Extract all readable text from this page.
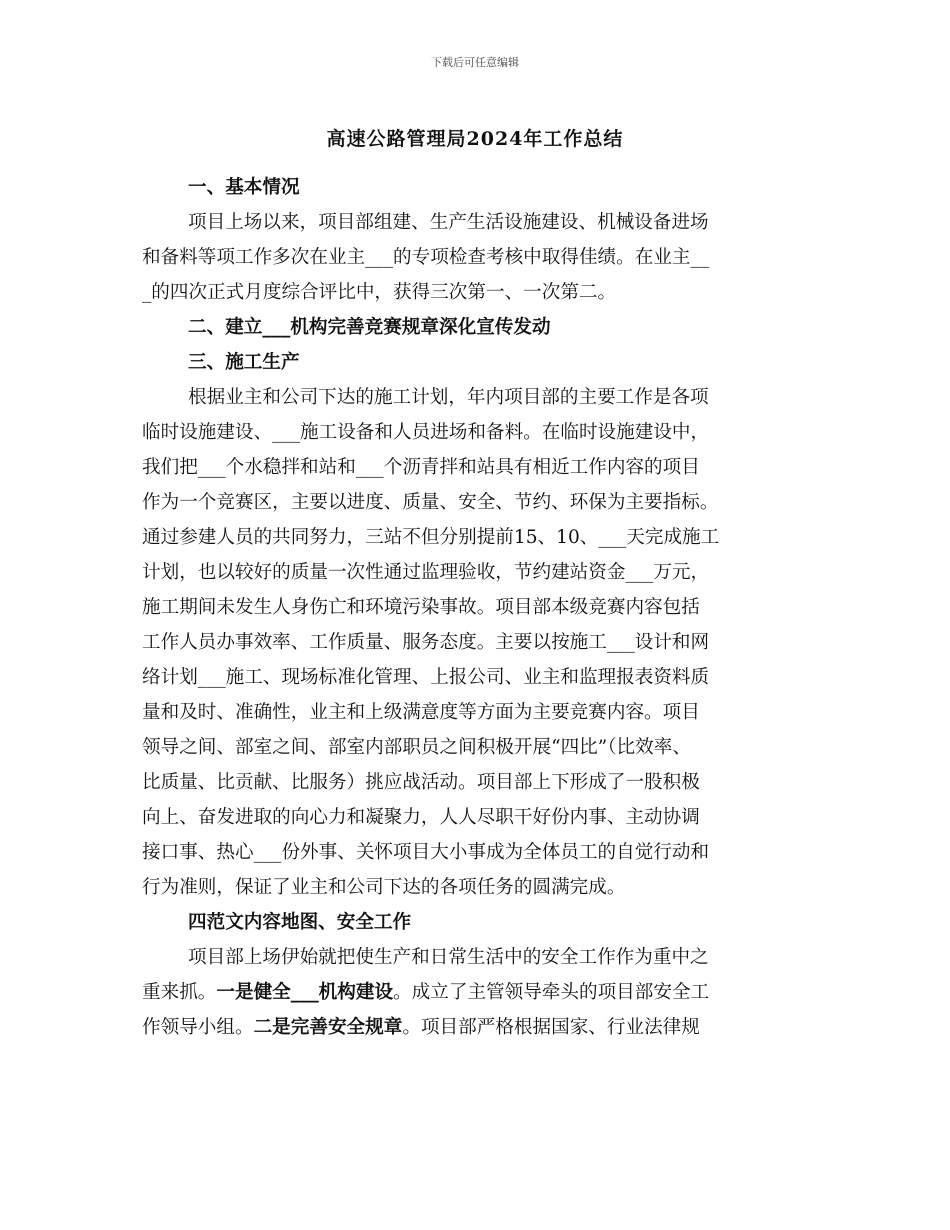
下载后可任意编辑
高速公路管理局2024年工作总结
一、基本情况
项目上场以来，项目部组建、生产生活设施建设、机械设备进场
和备料等项工作多次在业主___的专项检查考核中取得佳绩。在业主__
_的四次正式月度综合评比中，获得三次第一、一次第二。
二、建立___机构完善竞赛规章深化宣传发动
三、施工生产
根据业主和公司下达的施工计划，年内项目部的主要工作是各项
临时设施建设、___施工设备和人员进场和备料。在临时设施建设中，
我们把___个水稳拌和站和___个沥青拌和站具有相近工作内容的项目
作为一个竞赛区，主要以进度、质量、安全、节约、环保为主要指标。
通过参建人员的共同努力，三站不但分别提前15、10、___天完成施工
计划，也以较好的质量一次性通过监理验收，节约建站资金___万元，
施工期间未发生人身伤亡和环境污染事故。项目部本级竞赛内容包括
工作人员办事效率、工作质量、服务态度。主要以按施工___设计和网
络计划___施工、现场标准化管理、上报公司、业主和监理报表资料质
量和及时、准确性，业主和上级满意度等方面为主要竞赛内容。项目
领导之间、部室之间、部室内部职员之间积极开展“四比”（比效率、
比质量、比贡献、比服务）挑应战活动。项目部上下形成了一股积极
向上、奋发进取的向心力和凝聚力，人人尽职干好份内事、主动协调
接口事、热心___份外事、关怀项目大小事成为全体员工的自觉行动和
行为准则，保证了业主和公司下达的各项任务的圆满完成。
四范文内容地图、安全工作
项目部上场伊始就把使生产和日常生活中的安全工作作为重中之
重来抓。一是健全___机构建设。成立了主管领导牵头的项目部安全工
作领导小组。二是完善安全规章。项目部严格根据国家、行业法律规
